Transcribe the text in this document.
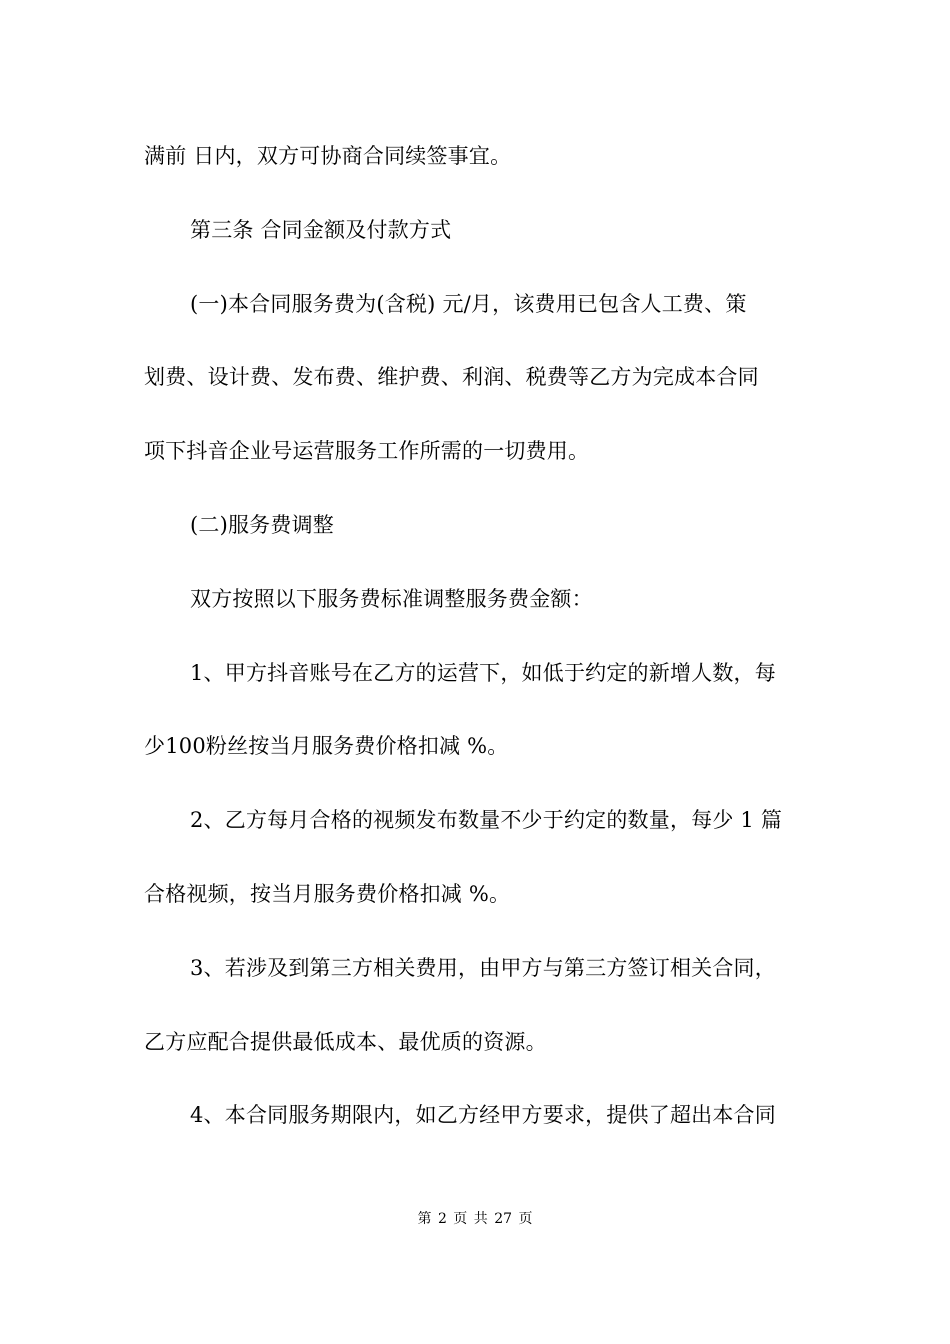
满前 日内，双方可协商合同续签事宜。
第三条 合同金额及付款方式
(一)本合同服务费为(含税) 元/月，该费用已包含人工费、策
划费、设计费、发布费、维护费、利润、税费等乙方为完成本合同
项下抖音企业号运营服务工作所需的一切费用。
(二)服务费调整
双方按照以下服务费标准调整服务费金额：
1、甲方抖音账号在乙方的运营下，如低于约定的新增人数，每
少100粉丝按当月服务费价格扣减 %。
2、乙方每月合格的视频发布数量不少于约定的数量，每少 1 篇
合格视频，按当月服务费价格扣减 %。
3、若涉及到第三方相关费用，由甲方与第三方签订相关合同，
乙方应配合提供最低成本、最优质的资源。
4、本合同服务期限内，如乙方经甲方要求，提供了超出本合同
第 2 页 共 27 页
